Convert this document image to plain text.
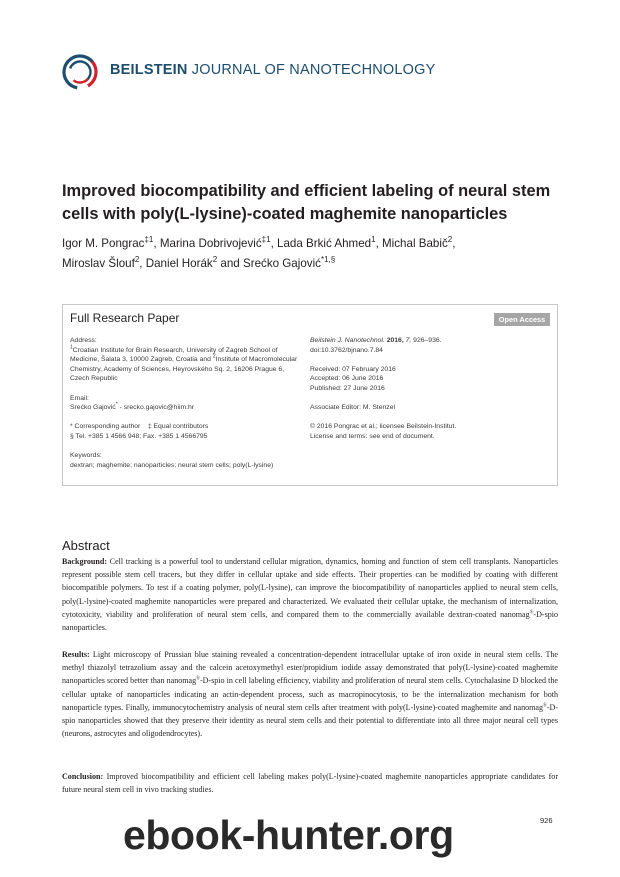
BEILSTEIN JOURNAL OF NANOTECHNOLOGY
Improved biocompatibility and efficient labeling of neural stem cells with poly(L-lysine)-coated maghemite nanoparticles
Igor M. Pongrac$^{\ddagger 1}$, Marina Dobrivojević$^{\ddagger 1}$, Lada Brkić Ahmed$^1$, Michal Babič$^2$,
Miroslav Šlouf$^2$, Daniel Horák$^2$ and Srećko Gajović$^{*1,\S}$
Full Research Paper	Open Access

Address:

$^1$Croatian Institute for Brain Research, University of Zagreb School of Medicine, Šalata 3, 10000 Zagreb, Croatia and $^2$Institute of Macromolecular Chemistry, Academy of Sciences, Heyrovského Sq. 2, 16206 Prague 6, Czech Republic

Email:

Srećko Gajović* - srecko.gajovic@hiim.hr

* Corresponding author    ‡ Equal contributors

§ Tel. +385 1 4566 948; Fax. +385 1 4566795

Keywords:

dextran; maghemite; nanoparticles; neural stem cells; poly(L-lysine)

Beilstein J. Nanotechnol. 2016, 7, 926–936.

doi:10.3762/bjnano.7.84

Received: 07 February 2016

Accepted: 06 June 2016

Published: 27 June 2016

Associate Editor: M. Stenzel

© 2016 Pongrac et al.; licensee Beilstein-Institut.

License and terms: see end of document.

Abstract
Background: Cell tracking is a powerful tool to understand cellular migration, dynamics, homing and function of stem cell transplants. Nanoparticles represent possible stem cell tracers, but they differ in cellular uptake and side effects. Their properties can be modified by coating with different biocompatible polymers. To test if a coating polymer, poly(L-lysine), can improve the biocompatibility of nanoparticles applied to neural stem cells, poly(L-lysine)-coated maghemite nanoparticles were prepared and characterized. We evaluated their cellular uptake, the mechanism of internalization, cytotoxicity, viability and proliferation of neural stem cells, and compared them to the commercially available dextran-coated nanomag®-D-spio nanoparticles.
Results: Light microscopy of Prussian blue staining revealed a concentration-dependent intracellular uptake of iron oxide in neural stem cells. The methyl thiazolyl tetrazolium assay and the calcein acetoxymethyl ester/propidium iodide assay demonstrated that poly(L-lysine)-coated maghemite nanoparticles scored better than nanomag®-D-spio in cell labeling efficiency, viability and proliferation of neural stem cells. Cytochalasine D blocked the cellular uptake of nanoparticles indicating an actin-dependent process, such as macropinocytosis, to be the internalization mechanism for both nanoparticle types. Finally, immunocytochemistry analysis of neural stem cells after treatment with poly(L-lysine)-coated maghemite and nanomag®-D-spio nanoparticles showed that they preserve their identity as neural stem cells and their potential to differentiate into all three major neural cell types (neurons, astrocytes and oligodendrocytes).
Conclusion: Improved biocompatibility and efficient cell labeling makes poly(L-lysine)-coated maghemite nanoparticles appropriate candidates for future neural stem cell in vivo tracking studies.
926
ebook-hunter.org
